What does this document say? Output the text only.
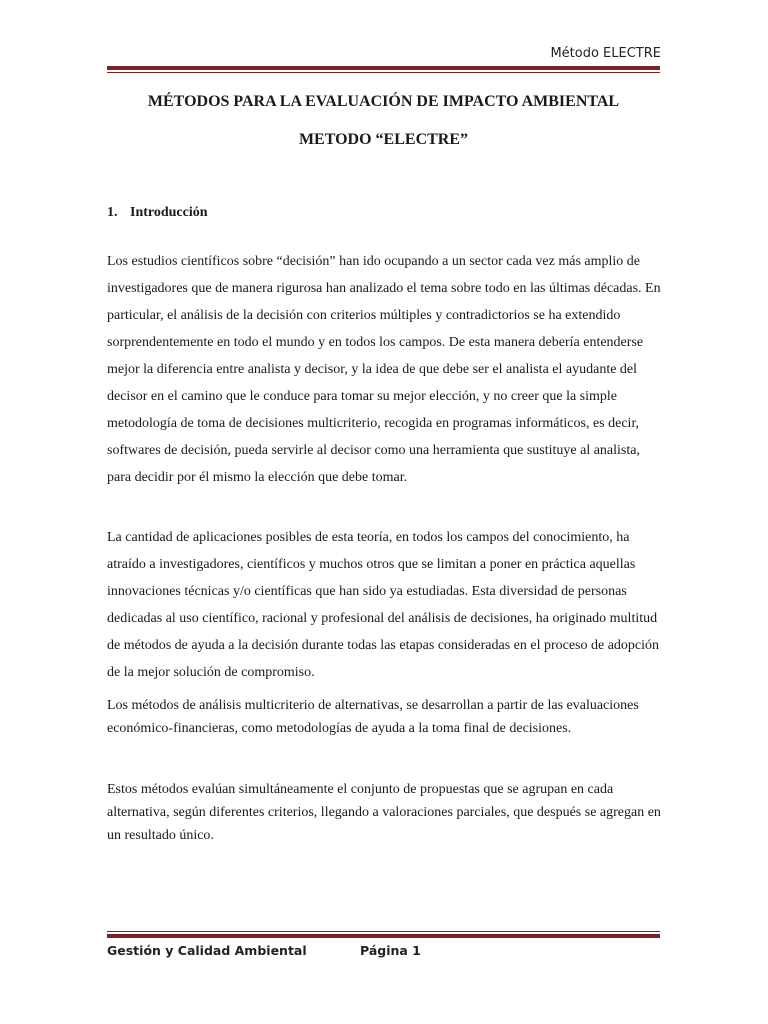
Método ELECTRE
MÉTODOS PARA LA EVALUACIÓN DE IMPACTO AMBIENTAL
METODO “ELECTRE”
1. Introducción

Los estudios científicos sobre “decisión” han ido ocupando a un sector cada vez más amplio de investigadores que de manera rigurosa han analizado el tema sobre todo en las últimas décadas. En particular, el análisis de la decisión con criterios múltiples y contradictorios se ha extendido sorprendentemente en todo el mundo y en todos los campos. De esta manera debería entenderse mejor la diferencia entre analista y decisor, y la idea de que debe ser el analista el ayudante del decisor en el camino que le conduce para tomar su mejor elección, y no creer que la simple metodología de toma de decisiones multicriterio, recogida en programas informáticos, es decir, softwares de decisión, pueda servirle al decisor como una herramienta que sustituye al analista, para decidir por él mismo la elección que debe tomar.

La cantidad de aplicaciones posibles de esta teoría, en todos los campos del conocimiento, ha atraído a investigadores, científicos y muchos otros que se limitan a poner en práctica aquellas innovaciones técnicas y/o científicas que han sido ya estudiadas. Esta diversidad de personas dedicadas al uso científico, racional y profesional del análisis de decisiones, ha originado multitud de métodos de ayuda a la decisión durante todas las etapas consideradas en el proceso de adopción de la mejor solución de compromiso.

Los métodos de análisis multicriterio de alternativas, se desarrollan a partir de las evaluaciones económico-financieras, como metodologías de ayuda a la toma final de decisiones.

Estos métodos evalúan simultáneamente el conjunto de propuestas que se agrupan en cada alternativa, según diferentes criterios, llegando a valoraciones parciales, que después se agregan en un resultado único.

Gestión y Calidad Ambiental	Página 1
